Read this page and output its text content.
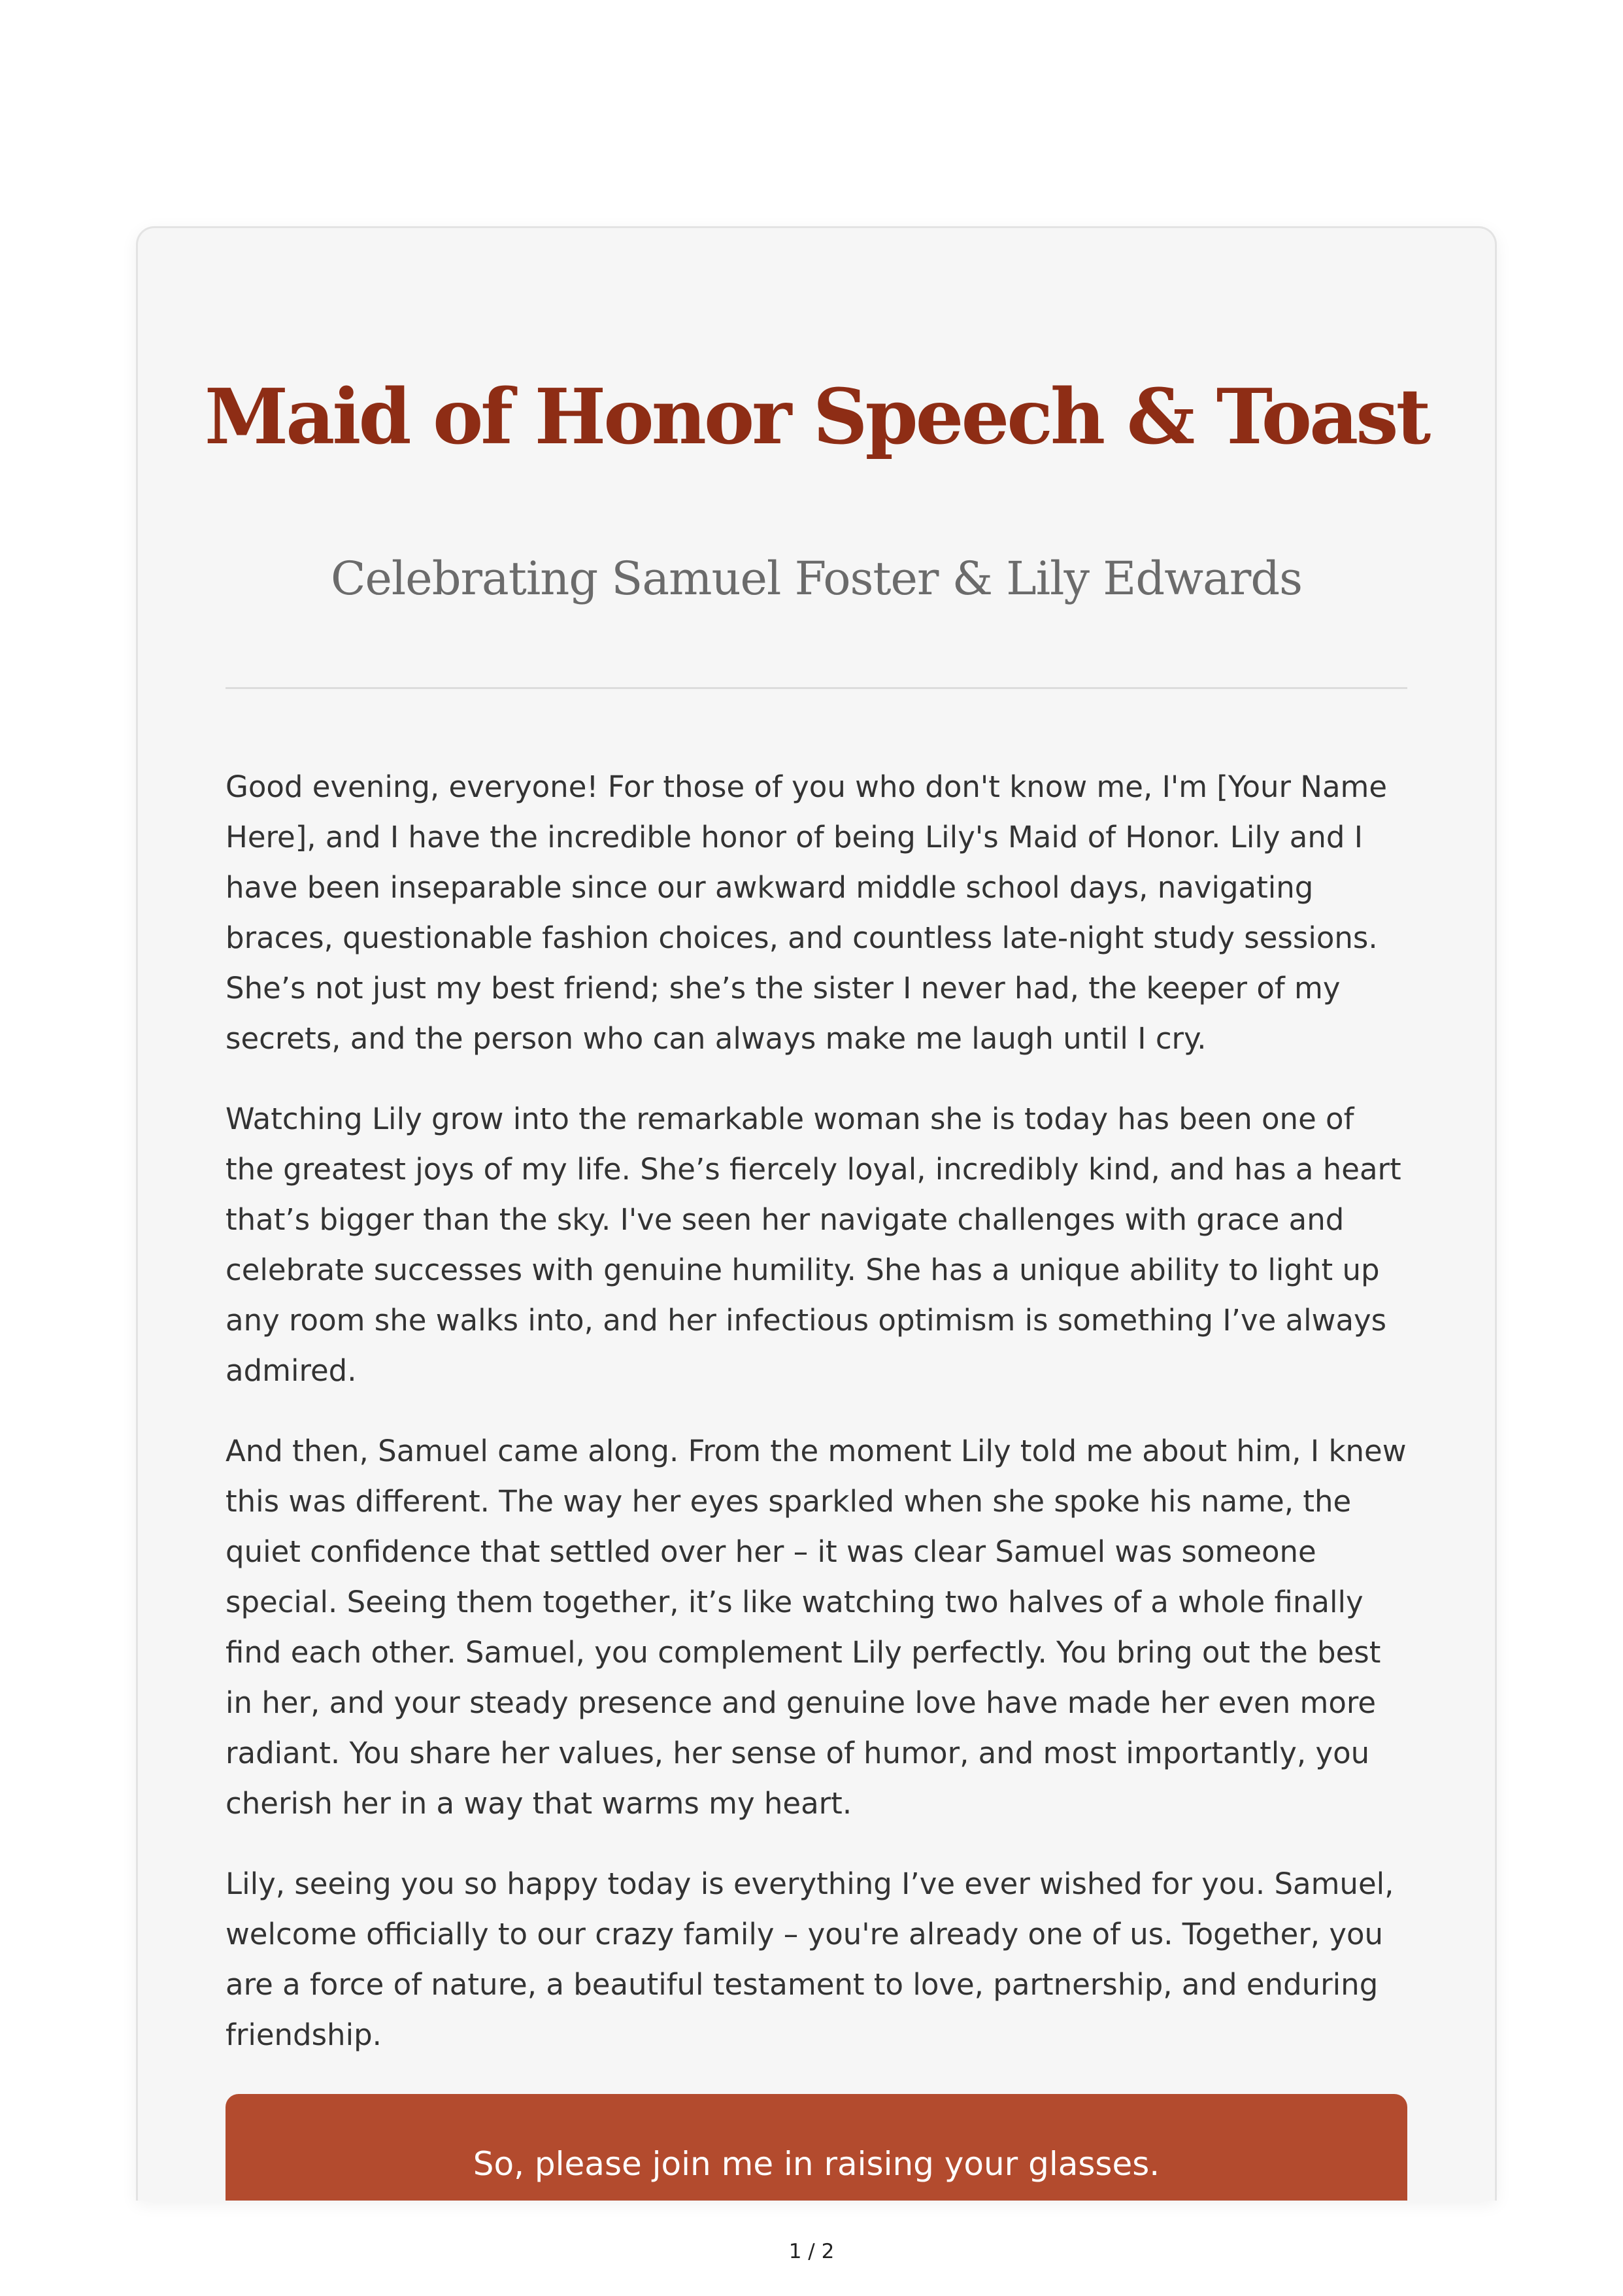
Maid of Honor Speech & Toast
Celebrating Samuel Foster & Lily Edwards

Good evening, everyone! For those of you who don't know me, I'm [Your Name Here], and I have the incredible honor of being Lily's Maid of Honor. Lily and I have been inseparable since our awkward middle school days, navigating braces, questionable fashion choices, and countless late-night study sessions. She’s not just my best friend; she’s the sister I never had, the keeper of my secrets, and the person who can always make me laugh until I cry.

Watching Lily grow into the remarkable woman she is today has been one of the greatest joys of my life. She’s fiercely loyal, incredibly kind, and has a heart that’s bigger than the sky. I've seen her navigate challenges with grace and celebrate successes with genuine humility. She has a unique ability to light up any room she walks into, and her infectious optimism is something I’ve always admired.

And then, Samuel came along. From the moment Lily told me about him, I knew this was different. The way her eyes sparkled when she spoke his name, the quiet confidence that settled over her – it was clear Samuel was someone special. Seeing them together, it’s like watching two halves of a whole finally find each other. Samuel, you complement Lily perfectly. You bring out the best in her, and your steady presence and genuine love have made her even more radiant. You share her values, her sense of humor, and most importantly, you cherish her in a way that warms my heart.

Lily, seeing you so happy today is everything I’ve ever wished for you. Samuel, welcome officially to our crazy family – you're already one of us. Together, you are a force of nature, a beautiful testament to love, partnership, and enduring friendship.

So, please join me in raising your glasses.
1 / 2
